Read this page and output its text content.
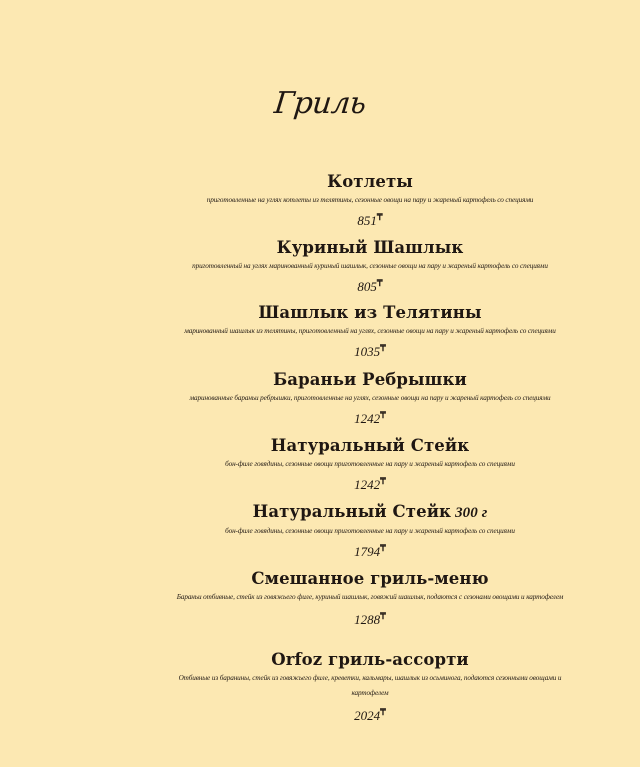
Гриль
Котлеты
приготовленные на углях котлеты из телятины, сезонные овощи на пару и жареный картофель со специями
851₸
Куриный Шашлык
приготовленный на углях маринованный куриный шашлык, сезонные овощи на пару и жареный картофель со специями
805₸
Шашлык из Телятины
маринованный шашлык из телятины, приготовленный на углях, сезонные овощи на пару и жареный картофель со специями
1035₸
Бараньи Ребрышки
маринованные бараньи ребрышки, приготовленные на углях, сезонные овощи на пару и жареный картофель со специями
1242₸
Натуральный Стейк
бон-филе говядины, сезонные овощи приготовленные на пару и жареный картофель со специями
1242₸
Натуральный Стейк 300 г
бон-филе говядины, сезонные овощи приготовленные на пару и жареный картофель со специями
1794₸
Смешанное гриль-меню
Бараньи отбивные, стейк из говяжьего филе, куриный шашлык, говяжий шашлык, подаются с сезонами овощами и картофелем
1288₸
Orfoz гриль-ассорти
Отбивные из баранины, стейк из говяжьего филе, креветки, кальмары, шашлык из осьминога, подаются сезонными овощами и картофелем
2024₸
